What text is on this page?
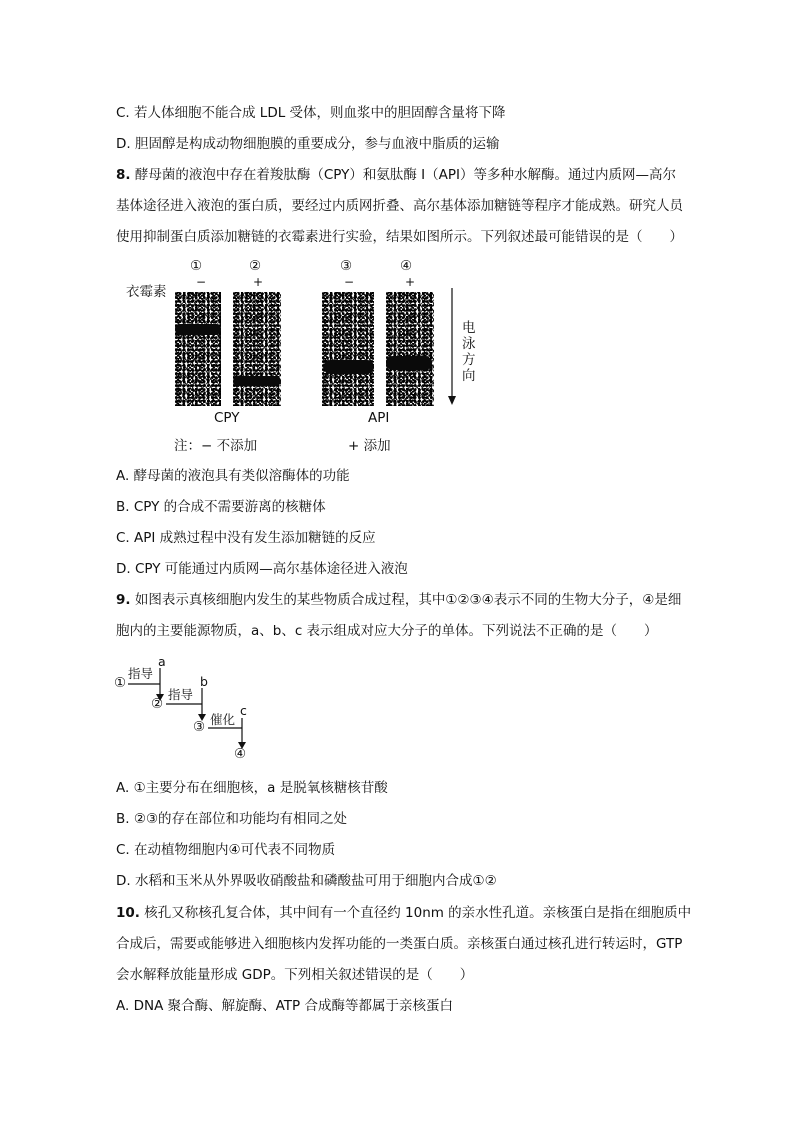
C. 若人体细胞不能合成 LDL 受体，则血浆中的胆固醇含量将下降
D. 胆固醇是构成动物细胞膜的重要成分，参与血液中脂质的运输
8. 酵母菌的液泡中存在着羧肽酶（CPY）和氨肽酶 I（API）等多种水解酶。通过内质网—高尔
基体途径进入液泡的蛋白质，要经过内质网折叠、高尔基体添加糖链等程序才能成熟。研究人员
使用抑制蛋白质添加糖链的衣霉素进行实验，结果如图所示。下列叙述最可能错误的是（　　）
①
−
②
+
③
−
④
+
衣霉素
电
泳
方
向
CPY	API
注：− 不添加	+ 添加
A. 酵母菌的液泡具有类似溶酶体的功能
B. CPY 的合成不需要游离的核糖体
C. API 成熟过程中没有发生添加糖链的反应
D. CPY 可能通过内质网—高尔基体途径进入液泡
9. 如图表示真核细胞内发生的某些物质合成过程，其中①②③④表示不同的生物大分子，④是细
胞内的主要能源物质，a、b、c 表示组成对应大分子的单体。下列说法不正确的是（　　）
①
指导
a
②
指导
b
③ 催化
c
④
A. ①主要分布在细胞核，a 是脱氧核糖核苷酸
B. ②③的存在部位和功能均有相同之处
C. 在动植物细胞内④可代表不同物质
D. 水稻和玉米从外界吸收硝酸盐和磷酸盐可用于细胞内合成①②
10. 核孔又称核孔复合体，其中间有一个直径约 10nm 的亲水性孔道。亲核蛋白是指在细胞质中
合成后，需要或能够进入细胞核内发挥功能的一类蛋白质。亲核蛋白通过核孔进行转运时，GTP
会水解释放能量形成 GDP。下列相关叙述错误的是（　　）
A. DNA 聚合酶、解旋酶、ATP 合成酶等都属于亲核蛋白
